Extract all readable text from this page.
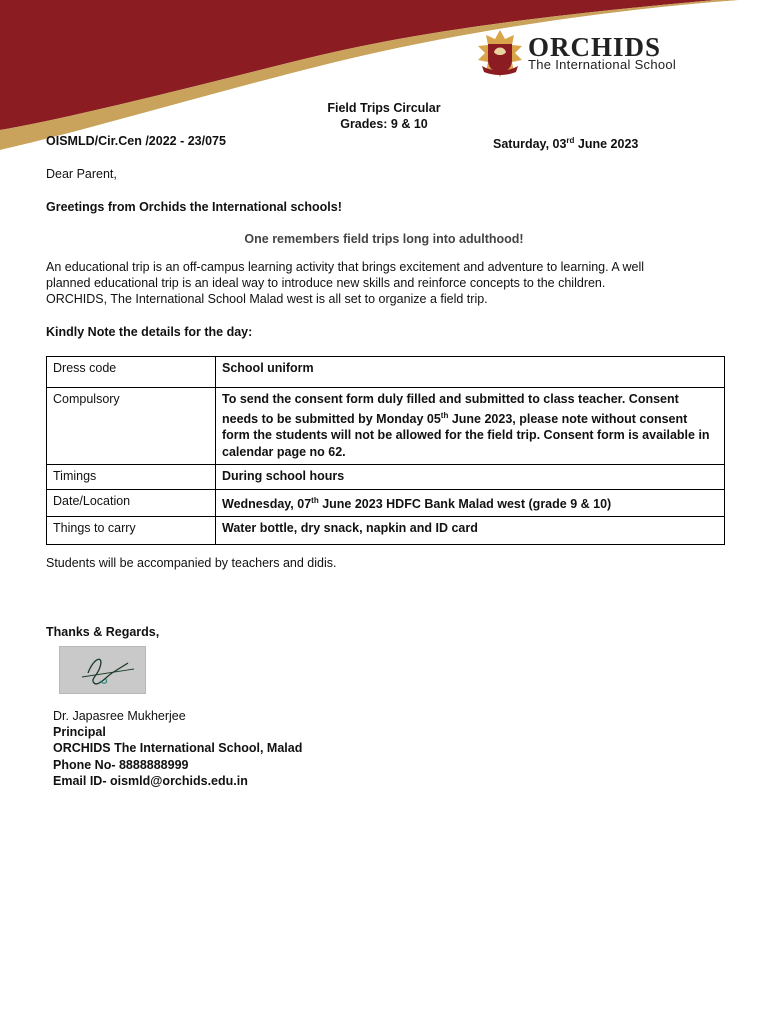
ORCHIDS
The International School
Field Trips Circular
Grades: 9 & 10
OISMLD/Cir.Cen /2022 - 23/075	Saturday, 03rd June 2023
Dear Parent,
Greetings from Orchids the International schools!
One remembers field trips long into adulthood!
An educational trip is an off-campus learning activity that brings excitement and adventure to learning. A well
planned educational trip is an ideal way to introduce new skills and reinforce concepts to the children.
ORCHIDS, The International School Malad west is all set to organize a field trip.
Kindly Note the details for the day:
Dress code	School uniform
Compulsory	To send the consent form duly filled and submitted to class teacher. Consent needs to be submitted by Monday 05th June 2023, please note without consent form the students will not be allowed for the field trip. Consent form is available in calendar page no 62.
Timings	During school hours
Date/Location	Wednesday, 07th June 2023 HDFC Bank Malad west (grade 9 & 10)
Things to carry	Water bottle, dry snack, napkin and ID card
Students will be accompanied by teachers and didis.
Thanks & Regards,
Dr. Japasree Mukherjee
Principal
ORCHIDS The International School, Malad
Phone No- 8888888999
Email ID- oismld@orchids.edu.in
